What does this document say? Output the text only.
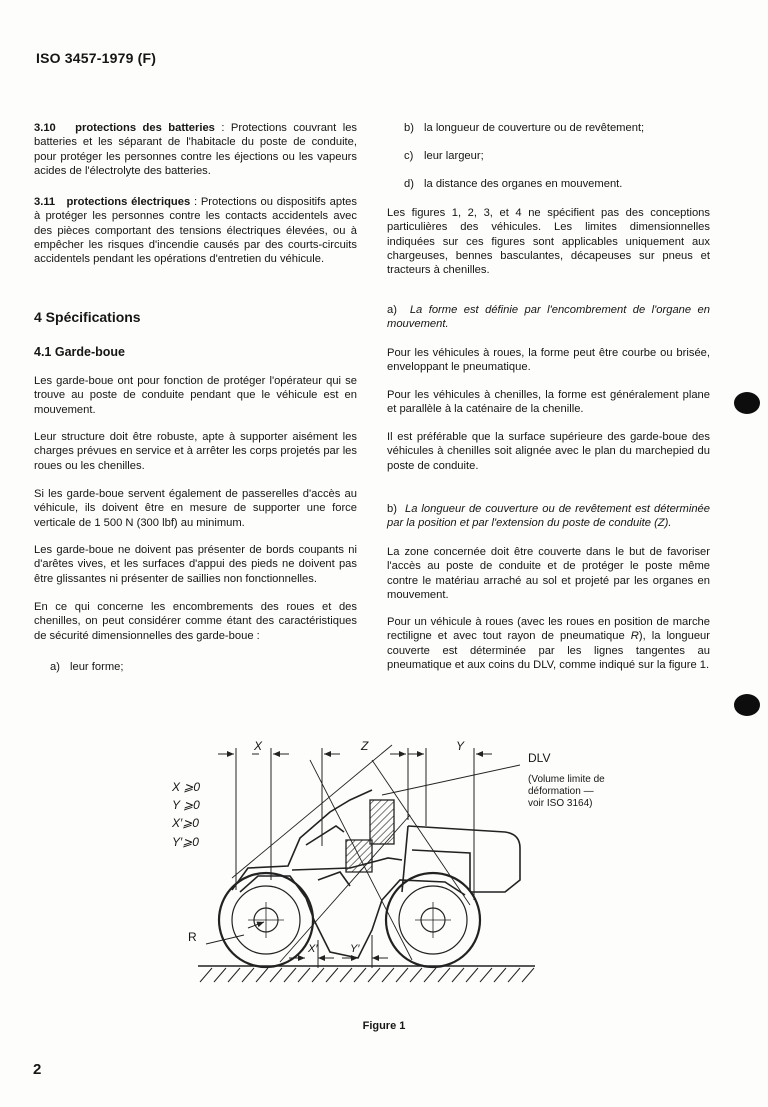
ISO 3457-1979 (F)

3.10 protections des batteries : Protections couvrant les batteries et les séparant de l'habitacle du poste de conduite, pour protéger les personnes contre les éjections ou les vapeurs acides de l'électrolyte des batteries.

3.11 protections électriques : Protections ou dispositifs aptes à protéger les personnes contre les contacts accidentels avec des pièces comportant des tensions électriques élevées, ou à empêcher les risques d'incendie causés par des courts-circuits accidentels pendant les opérations d'entretien du véhicule.

4 Spécifications
4.1 Garde-boue

Les garde-boue ont pour fonction de protéger l'opérateur qui se trouve au poste de conduite pendant que le véhicule est en mouvement.

Leur structure doit être robuste, apte à supporter aisément les charges prévues en service et à arrêter les corps projetés par les roues ou les chenilles.

Si les garde-boue servent également de passerelles d'accès au véhicule, ils doivent être en mesure de supporter une force verticale de 1 500 N (300 lbf) au minimum.

Les garde-boue ne doivent pas présenter de bords coupants ni d'arêtes vives, et les surfaces d'appui des pieds ne doivent pas être glissantes ni présenter de saillies non fonctionnelles.

En ce qui concerne les encombrements des roues et des chenilles, on peut considérer comme étant des caractéristiques de sécurité dimensionnelles des garde-boue :

a) leur forme;
b) la longueur de couverture ou de revêtement;
c) leur largeur;
d) la distance des organes en mouvement.

Les figures 1, 2, 3, et 4 ne spécifient pas des conceptions particulières des véhicules. Les limites dimensionnelles indiquées sur ces figures sont applicables uniquement aux chargeuses, bennes basculantes, décapeuses sur pneus et tracteurs à chenilles.

a) La forme est définie par l'encombrement de l'organe en mouvement.

Pour les véhicules à roues, la forme peut être courbe ou brisée, enveloppant le pneumatique.

Pour les véhicules à chenilles, la forme est généralement plane et parallèle à la caténaire de la chenille.

Il est préférable que la surface supérieure des garde-boue des véhicules à chenilles soit alignée avec le plan du marchepied du poste de conduite.

b) La longueur de couverture ou de revêtement est déterminée par la position et par l'extension du poste de conduite (Z).

La zone concernée doit être couverte dans le but de favoriser l'accès au poste de conduite et de protéger le poste même contre le matériau arraché au sol et projeté par les organes en mouvement.

Pour un véhicule à roues (avec les roues en position de marche rectiligne et avec tout rayon de pneumatique R), la longueur couverte est déterminée par les lignes tangentes au pneumatique et aux coins du DLV, comme indiqué sur la figure 1.

X	Z	Y
X ⩾0
Y ⩾0
X′⩾0
Y′⩾0
X′	Y′
R
DLV
(Volume limite de
déformation —
voir ISO 3164)
Figure 1
2
